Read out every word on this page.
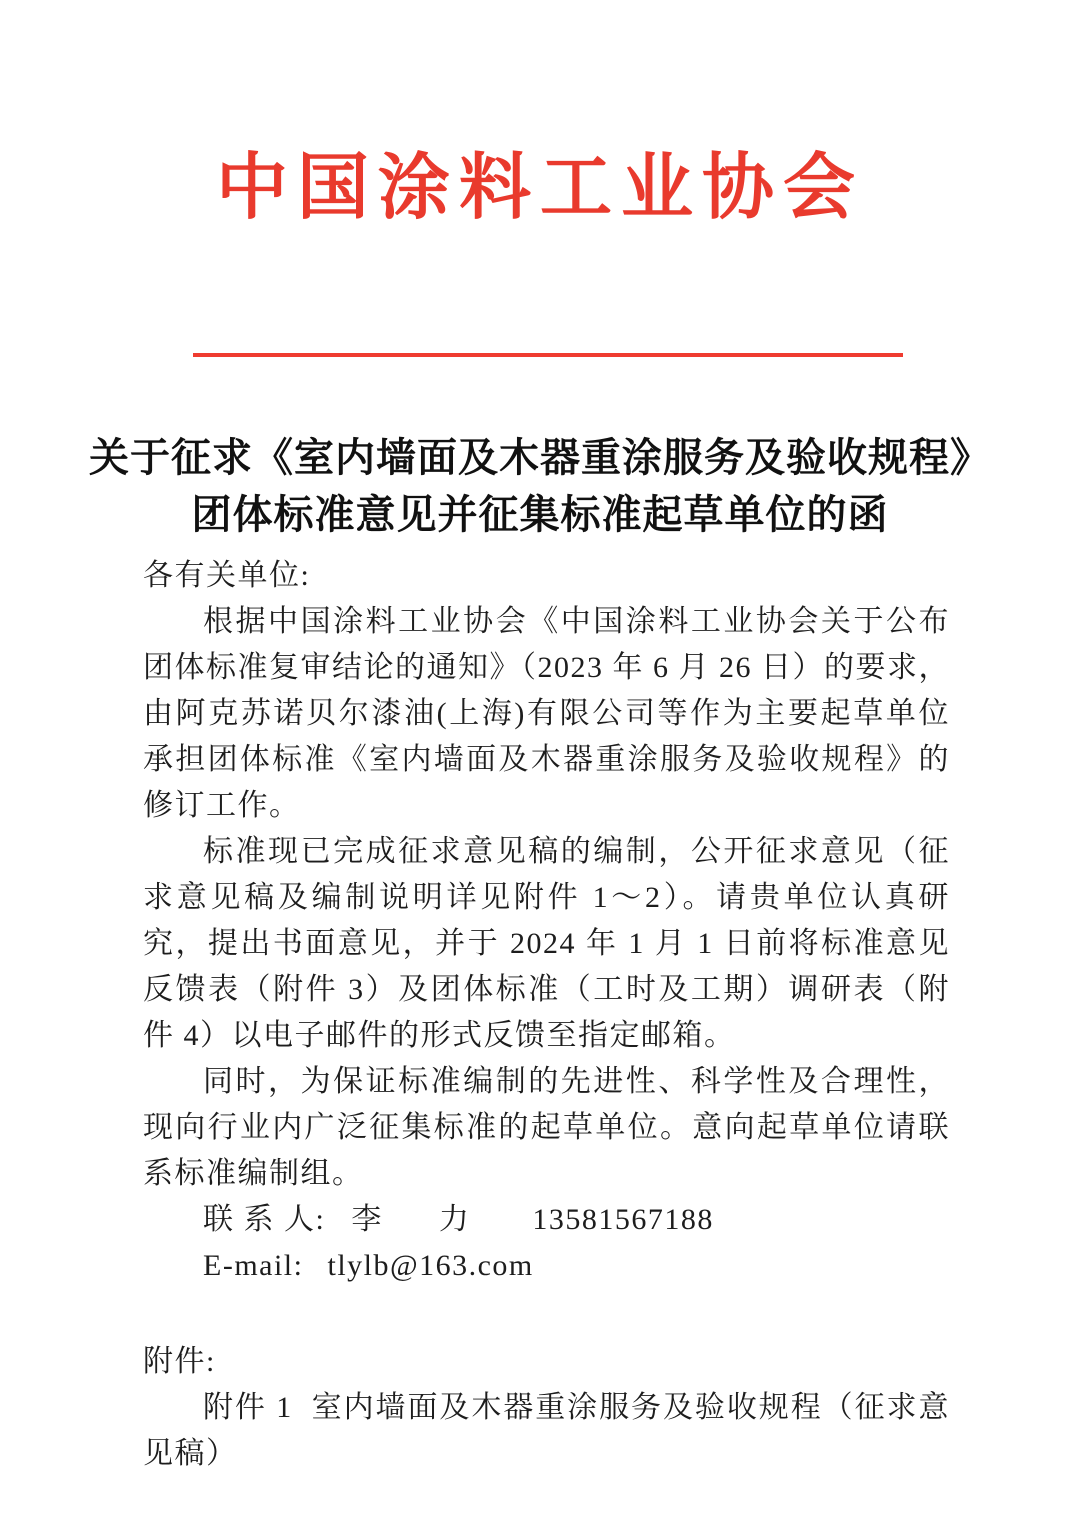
中国涂料工业协会
关于征求《室内墙面及木器重涂服务及验收规程》
团体标准意见并征集标准起草单位的函
各有关单位:

根据中国涂料工业协会《中国涂料工业协会关于公布团体标准复审结论的通知》（2023 年 6 月 26 日）的要求，由阿克苏诺贝尔漆油(上海)有限公司等作为主要起草单位承担团体标准《室内墙面及木器重涂服务及验收规程》的修订工作。

标准现已完成征求意见稿的编制，公开征求意见（征求意见稿及编制说明详见附件 1～2）。请贵单位认真研究，提出书面意见，并于 2024 年 1 月 1 日前将标准意见反馈表（附件 3）及团体标准（工时及工期）调研表（附件 4）以电子邮件的形式反馈至指定邮箱。

同时，为保证标准编制的先进性、科学性及合理性，现向行业内广泛征集标准的起草单位。意向起草单位请联系标准编制组。

联 系 人: 李 力 13581567188
E-mail: tlylb@163.com
附件:
附件 1  室内墙面及木器重涂服务及验收规程（征求意见稿）
